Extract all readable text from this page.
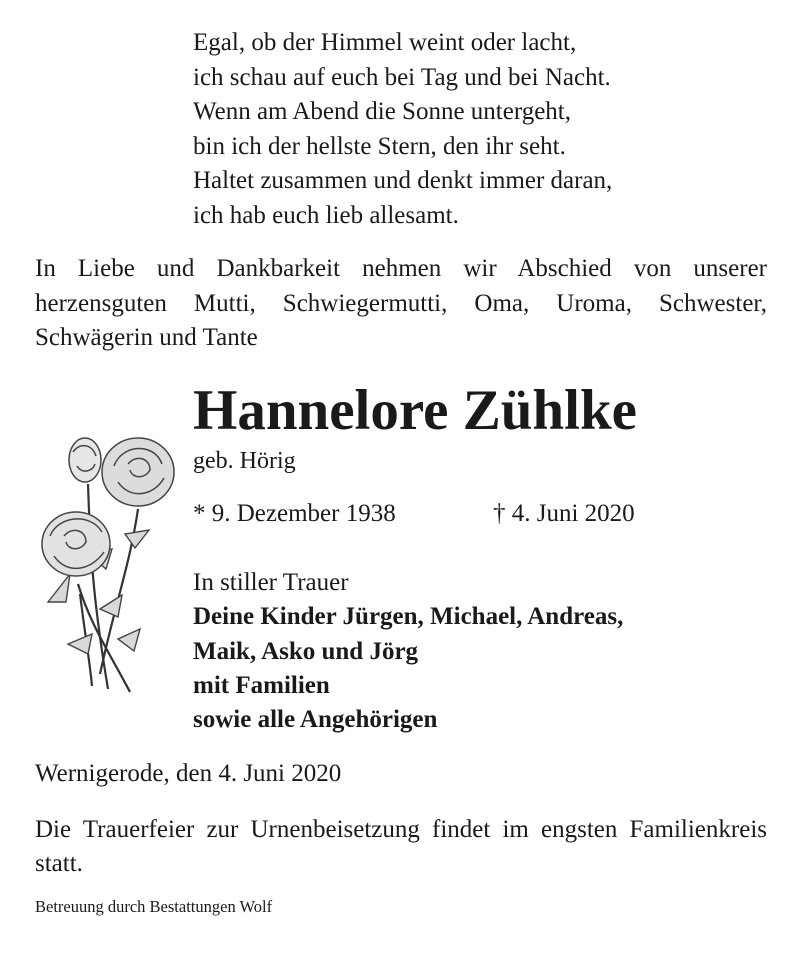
Egal, ob der Himmel weint oder lacht,
ich schau auf euch bei Tag und bei Nacht.
Wenn am Abend die Sonne untergeht,
bin ich der hellste Stern, den ihr seht.
Haltet zusammen und denkt immer daran,
ich hab euch lieb allesamt.
In Liebe und Dankbarkeit nehmen wir Abschied von unserer herzensguten Mutti, Schwiegermutti, Oma, Uroma, Schwester, Schwägerin und Tante
Hannelore Zühlke
geb. Hörig
* 9. Dezember 1938	† 4. Juni 2020
In stiller Trauer
Deine Kinder Jürgen, Michael, Andreas,
Maik, Asko und Jörg
mit Familien
sowie alle Angehörigen
Wernigerode, den 4. Juni 2020
Die Trauerfeier zur Urnenbeisetzung findet im engsten Familienkreis statt.
Betreuung durch Bestattungen Wolf
